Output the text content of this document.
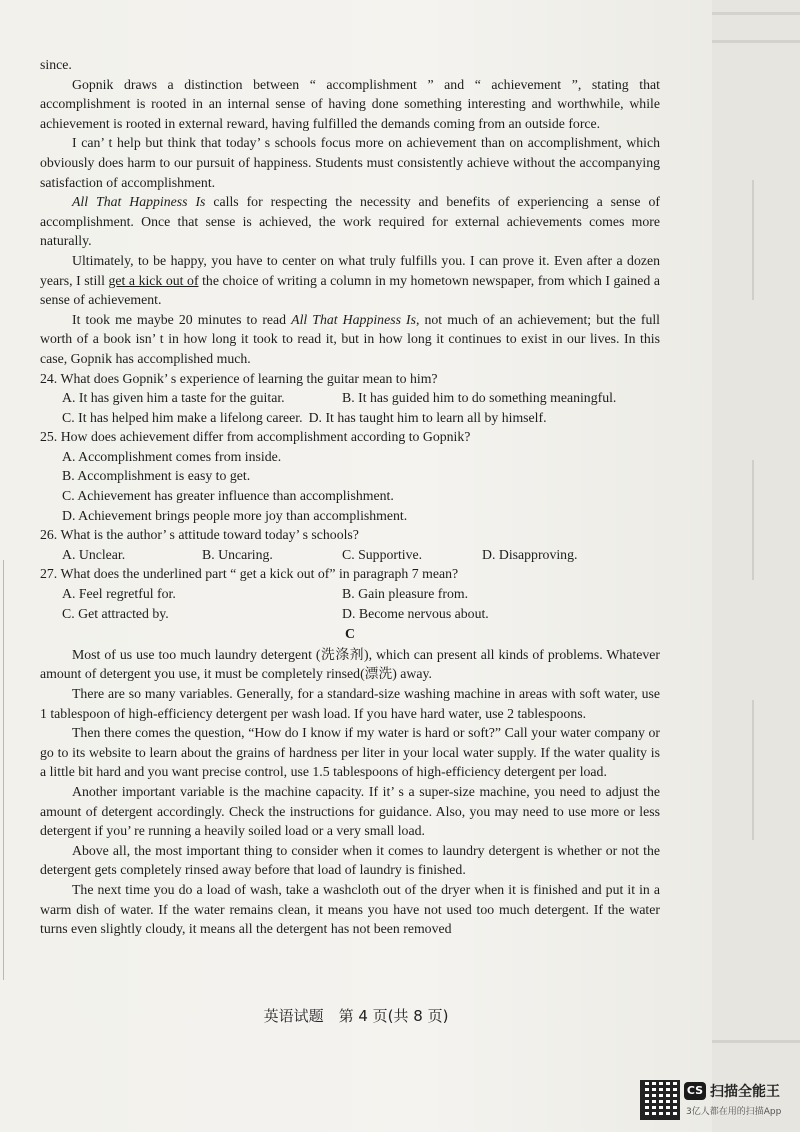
since.

Gopnik draws a distinction between “ accomplishment ” and “ achievement ”, stating that accomplishment is rooted in an internal sense of having done something interesting and worthwhile, while achievement is rooted in external reward, having fulfilled the demands coming from an outside force.

I can’ t help but think that today’ s schools focus more on achievement than on accomplishment, which obviously does harm to our pursuit of happiness. Students must consistently achieve without the accompanying satisfaction of accomplishment.

All That Happiness Is calls for respecting the necessity and benefits of experiencing a sense of accomplishment. Once that sense is achieved, the work required for external achievements comes more naturally.

Ultimately, to be happy, you have to center on what truly fulfills you. I can prove it. Even after a dozen years, I still get a kick out of the choice of writing a column in my hometown newspaper, from which I gained a sense of achievement.

It took me maybe 20 minutes to read All That Happiness Is, not much of an achievement; but the full worth of a book isn’ t in how long it took to read it, but in how long it continues to exist in our lives. In this case, Gopnik has accomplished much.

24. What does Gopnik’ s experience of learning the guitar mean to him?

A. It has given him a taste for the guitar.	B. It has guided him to do something meaningful.
C. It has helped him make a lifelong career. D. It has taught him to learn all by himself.

25. How does achievement differ from accomplishment according to Gopnik?

A. Accomplishment comes from inside.
B. Accomplishment is easy to get.
C. Achievement has greater influence than accomplishment.
D. Achievement brings people more joy than accomplishment.

26. What is the author’ s attitude toward today’ s schools?

A. Unclear.	B. Uncaring.	C. Supportive.	D. Disapproving.

27. What does the underlined part “ get a kick out of” in paragraph 7 mean?

A. Feel regretful for.	B. Gain pleasure from.
C. Get attracted by.	D. Become nervous about.
C

Most of us use too much laundry detergent (洗涤剂), which can present all kinds of problems. Whatever amount of detergent you use, it must be completely rinsed(漂洗) away.

There are so many variables. Generally, for a standard-size washing machine in areas with soft water, use 1 tablespoon of high-efficiency detergent per wash load. If you have hard water, use 2 tablespoons.

Then there comes the question, “How do I know if my water is hard or soft?” Call your water company or go to its website to learn about the grains of hardness per liter in your local water supply. If the water quality is a little bit hard and you want precise control, use 1.5 tablespoons of high-efficiency detergent per load.

Another important variable is the machine capacity. If it’ s a super-size machine, you need to adjust the amount of detergent accordingly. Check the instructions for guidance. Also, you may need to use more or less detergent if you’ re running a heavily soiled load or a very small load.

Above all, the most important thing to consider when it comes to laundry detergent is whether or not the detergent gets completely rinsed away before that load of laundry is finished.

The next time you do a load of wash, take a washcloth out of the dryer when it is finished and put it in a warm dish of water. If the water remains clean, it means you have not used too much detergent. If the water turns even slightly cloudy, it means all the detergent has not been removed

英语试题　第 4 页(共 8 页)
CS 扫描全能王
3亿人都在用的扫描App
